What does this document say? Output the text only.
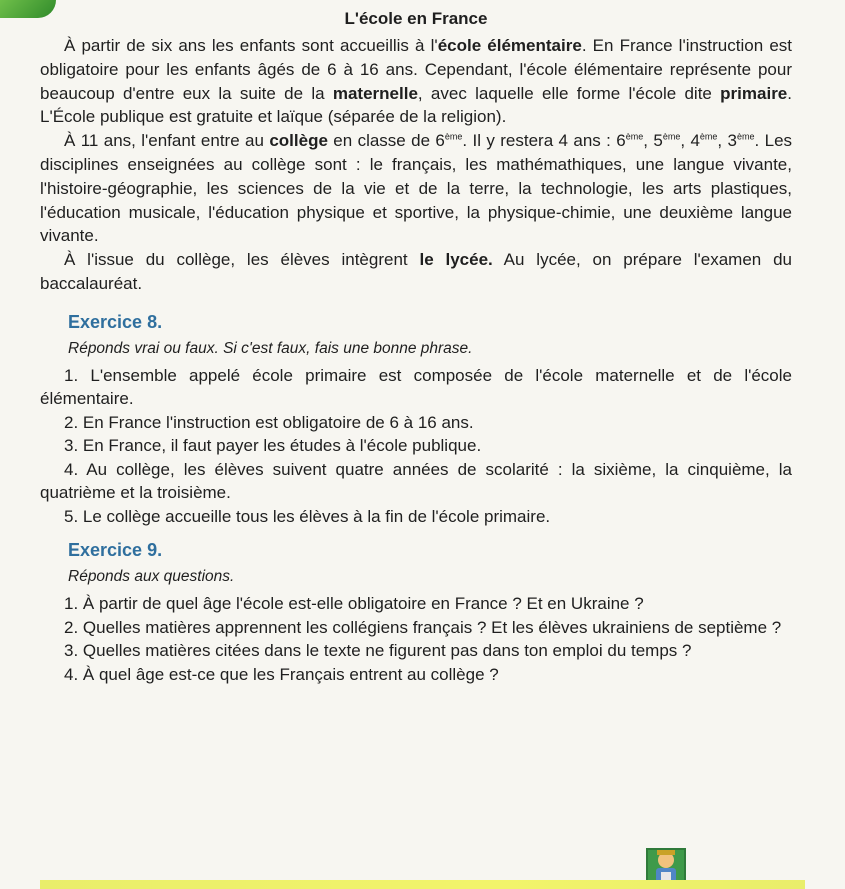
L'école en France

À partir de six ans les enfants sont accueillis à l'école élémentaire. En France l'instruction est obligatoire pour les enfants âgés de 6 à 16 ans. Cependant, l'école élémentaire représente pour beaucoup d'entre eux la suite de la maternelle, avec laquelle elle forme l'école dite primaire. L'École publique est gratuite et laïque (séparée de la religion).

À 11 ans, l'enfant entre au collège en classe de 6ème. Il y restera 4 ans : 6ème, 5ème, 4ème, 3ème. Les disciplines enseignées au collège sont : le français, les mathémathiques, une langue vivante, l'histoire-géographie, les sciences de la vie et de la terre, la technologie, les arts plastiques, l'éducation musicale, l'éducation physique et sportive, la physique-chimie, une deuxième langue vivante.

À l'issue du collège, les élèves intègrent le lycée. Au lycée, on prépare l'examen du baccalauréat.

Exercice 8.
Réponds vrai ou faux. Si c'est faux, fais une bonne phrase.

1. L'ensemble appelé école primaire est composée de l'école maternelle et de l'école élémentaire.

2. En France l'instruction est obligatoire de 6 à 16 ans.

3. En France, il faut payer les études à l'école publique.

4. Au collège, les élèves suivent quatre années de scolarité : la sixième, la cinquième, la quatrième et la troisième.

5. Le collège accueille tous les élèves à la fin de l'école primaire.

Exercice 9.
Réponds aux questions.

1. À partir de quel âge l'école est-elle obligatoire en France ? Et en Ukraine ?

2. Quelles matières apprennent les collégiens français ? Et les élèves ukrainiens de septième ?

3. Quelles matières citées dans le texte ne figurent pas dans ton emploi du temps ?

4. À quel âge est-ce que les Français entrent au collège ?
